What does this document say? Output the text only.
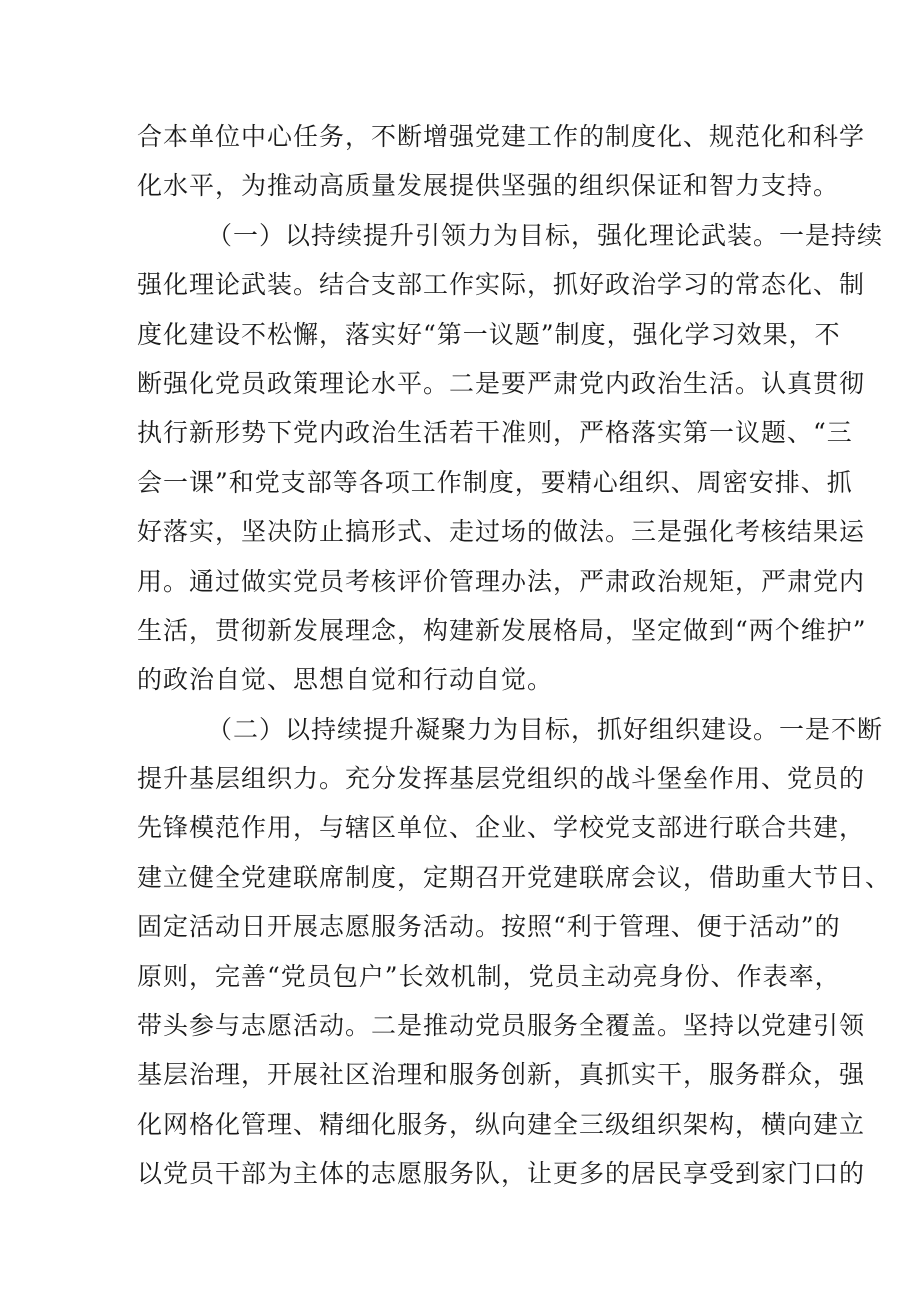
合本单位中心任务，不断增强党建工作的制度化、规范化和科学
化水平，为推动高质量发展提供坚强的组织保证和智力支持。
（一）以持续提升引领力为目标，强化理论武装。一是持续
强化理论武装。结合支部工作实际，抓好政治学习的常态化、制
度化建设不松懈，落实好“第一议题”制度，强化学习效果，不
断强化党员政策理论水平。二是要严肃党内政治生活。认真贯彻
执行新形势下党内政治生活若干准则，严格落实第一议题、“三
会一课”和党支部等各项工作制度，要精心组织、周密安排、抓
好落实，坚决防止搞形式、走过场的做法。三是强化考核结果运
用。通过做实党员考核评价管理办法，严肃政治规矩，严肃党内
生活，贯彻新发展理念，构建新发展格局，坚定做到“两个维护”
的政治自觉、思想自觉和行动自觉。
（二）以持续提升凝聚力为目标，抓好组织建设。一是不断
提升基层组织力。充分发挥基层党组织的战斗堡垒作用、党员的
先锋模范作用，与辖区单位、企业、学校党支部进行联合共建，
建立健全党建联席制度，定期召开党建联席会议，借助重大节日、
固定活动日开展志愿服务活动。按照“利于管理、便于活动”的
原则，完善“党员包户”长效机制，党员主动亮身份、作表率，
带头参与志愿活动。二是推动党员服务全覆盖。坚持以党建引领
基层治理，开展社区治理和服务创新，真抓实干，服务群众，强
化网格化管理、精细化服务，纵向建全三级组织架构，横向建立
以党员干部为主体的志愿服务队，让更多的居民享受到家门口的
